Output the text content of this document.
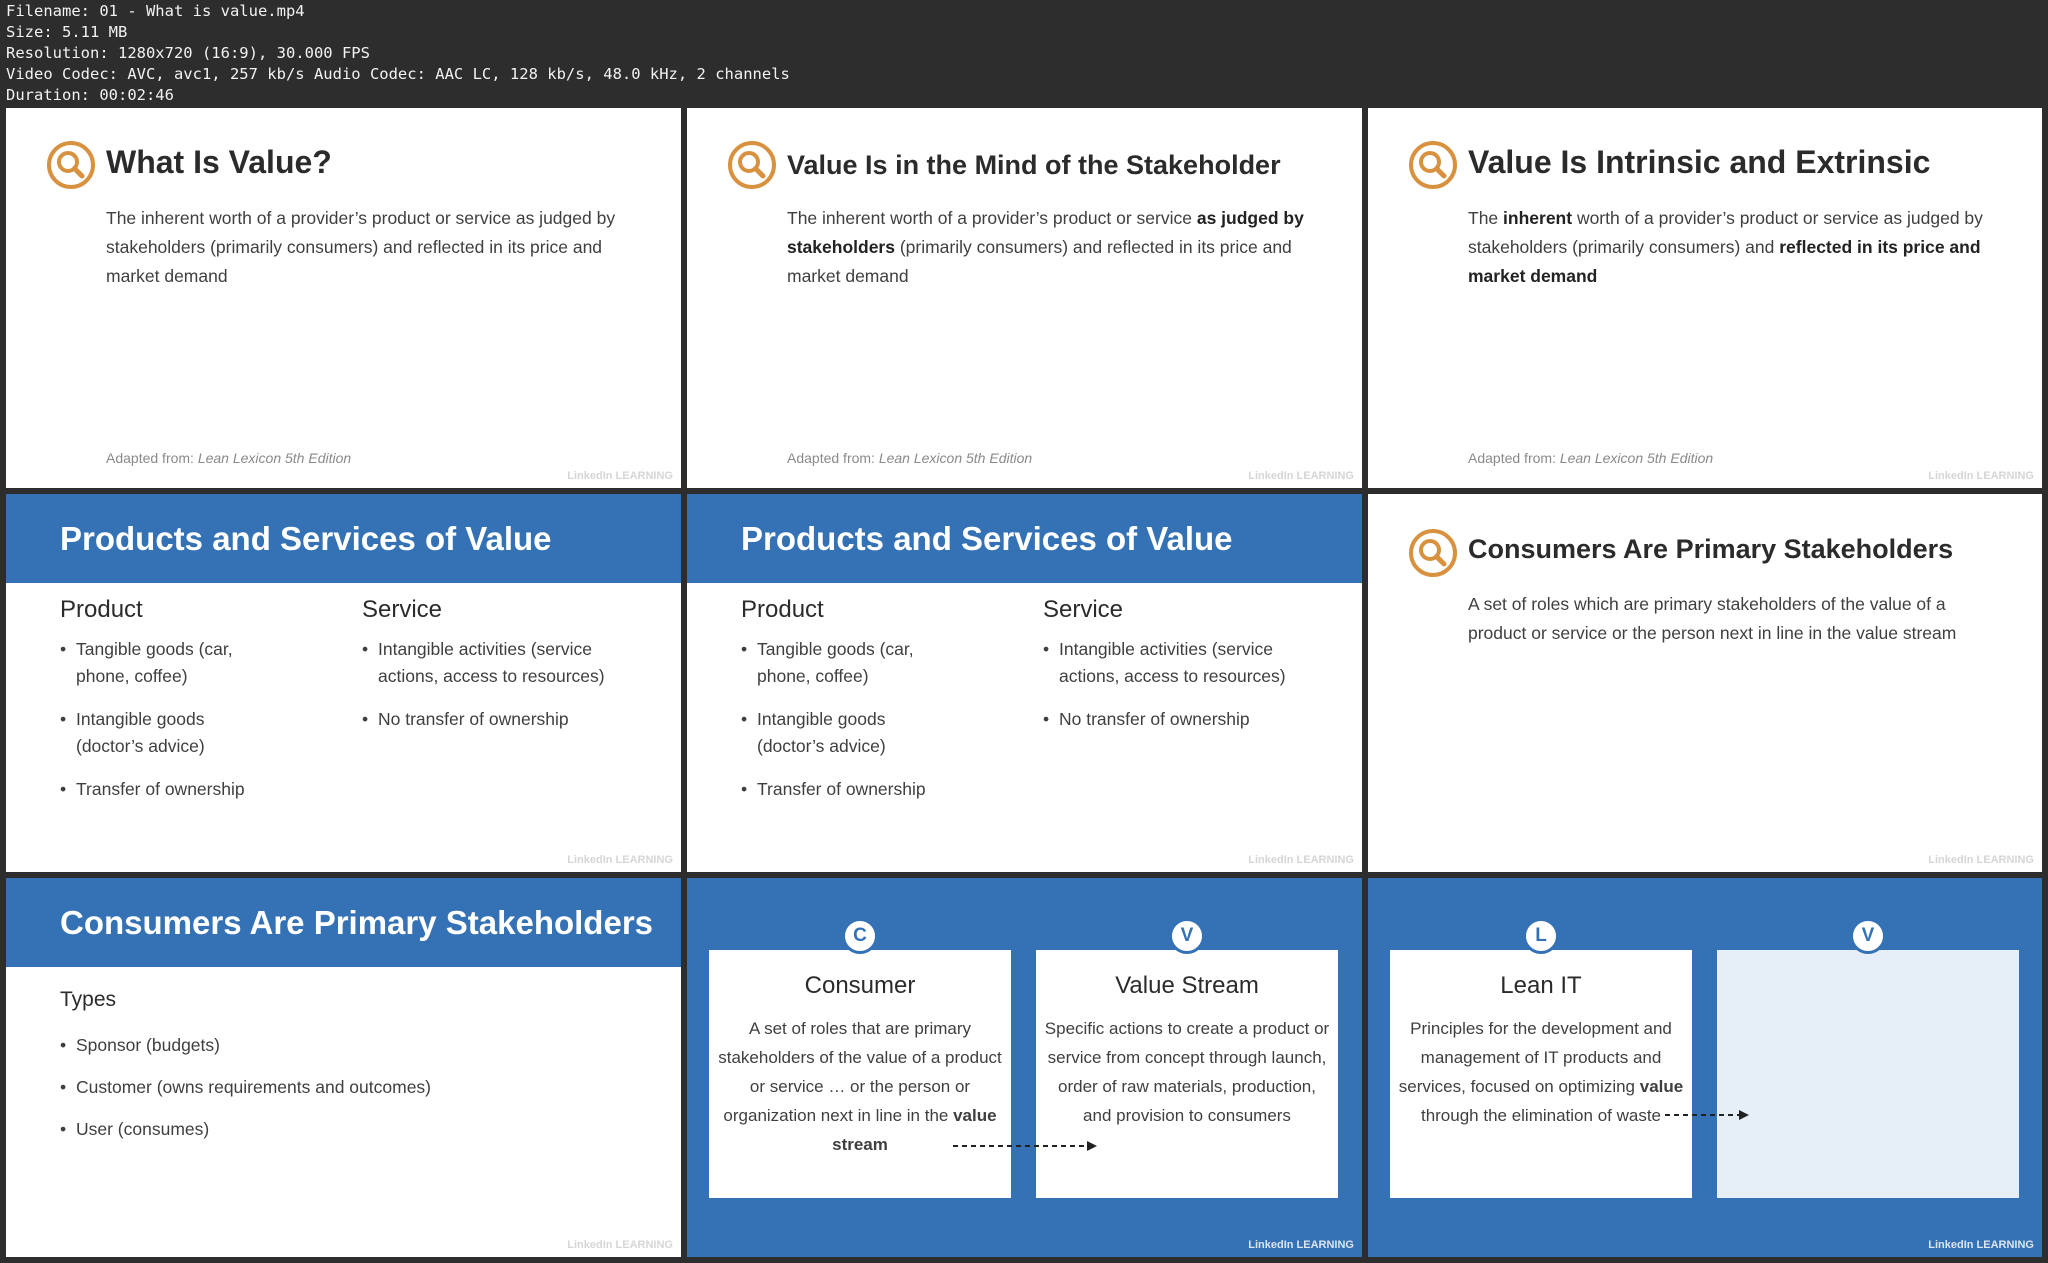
Filename: 01 - What is value.mp4
Size: 5.11 MB
Resolution: 1280x720 (16:9), 30.000 FPS
Video Codec: AVC, avc1, 257 kb/s Audio Codec: AAC LC, 128 kb/s, 48.0 kHz, 2 channels
Duration: 00:02:46
What Is Value?
The inherent worth of a provider’s product or service as judged by stakeholders (primarily consumers) and reflected in its price and market demand
Adapted from: Lean Lexicon 5th Edition
LinkedIn LEARNING
Value Is in the Mind of the Stakeholder
The inherent worth of a provider’s product or service as judged by stakeholders (primarily consumers) and reflected in its price and market demand
Adapted from: Lean Lexicon 5th Edition
LinkedIn LEARNING
Value Is Intrinsic and Extrinsic
The inherent worth of a provider’s product or service as judged by stakeholders (primarily consumers) and reflected in its price and market demand
Adapted from: Lean Lexicon 5th Edition
LinkedIn LEARNING
Products and Services of Value
Product
• Tangible goods (car, phone, coffee)
• Intangible goods (doctor’s advice)
• Transfer of ownership
Service
• Intangible activities (service actions, access to resources)
• No transfer of ownership
LinkedIn LEARNING
Products and Services of Value
Product
• Tangible goods (car, phone, coffee)
• Intangible goods (doctor’s advice)
• Transfer of ownership
Service
• Intangible activities (service actions, access to resources)
• No transfer of ownership
LinkedIn LEARNING
Consumers Are Primary Stakeholders
A set of roles which are primary stakeholders of the value of a product or service or the person next in line in the value stream
LinkedIn LEARNING
Consumers Are Primary Stakeholders
Types
• Sponsor (budgets)
• Customer (owns requirements and outcomes)
• User (consumes)
LinkedIn LEARNING
Consumer
A set of roles that are primary stakeholders of the value of a product or service … or the person or organization next in line in the value stream
Value Stream
Specific actions to create a product or service from concept through launch, order of raw materials, production, and provision to consumers
C	V
LinkedIn LEARNING
Lean IT
Principles for the development and management of IT products and services, focused on optimizing value through the elimination of waste
L	V
LinkedIn LEARNING
